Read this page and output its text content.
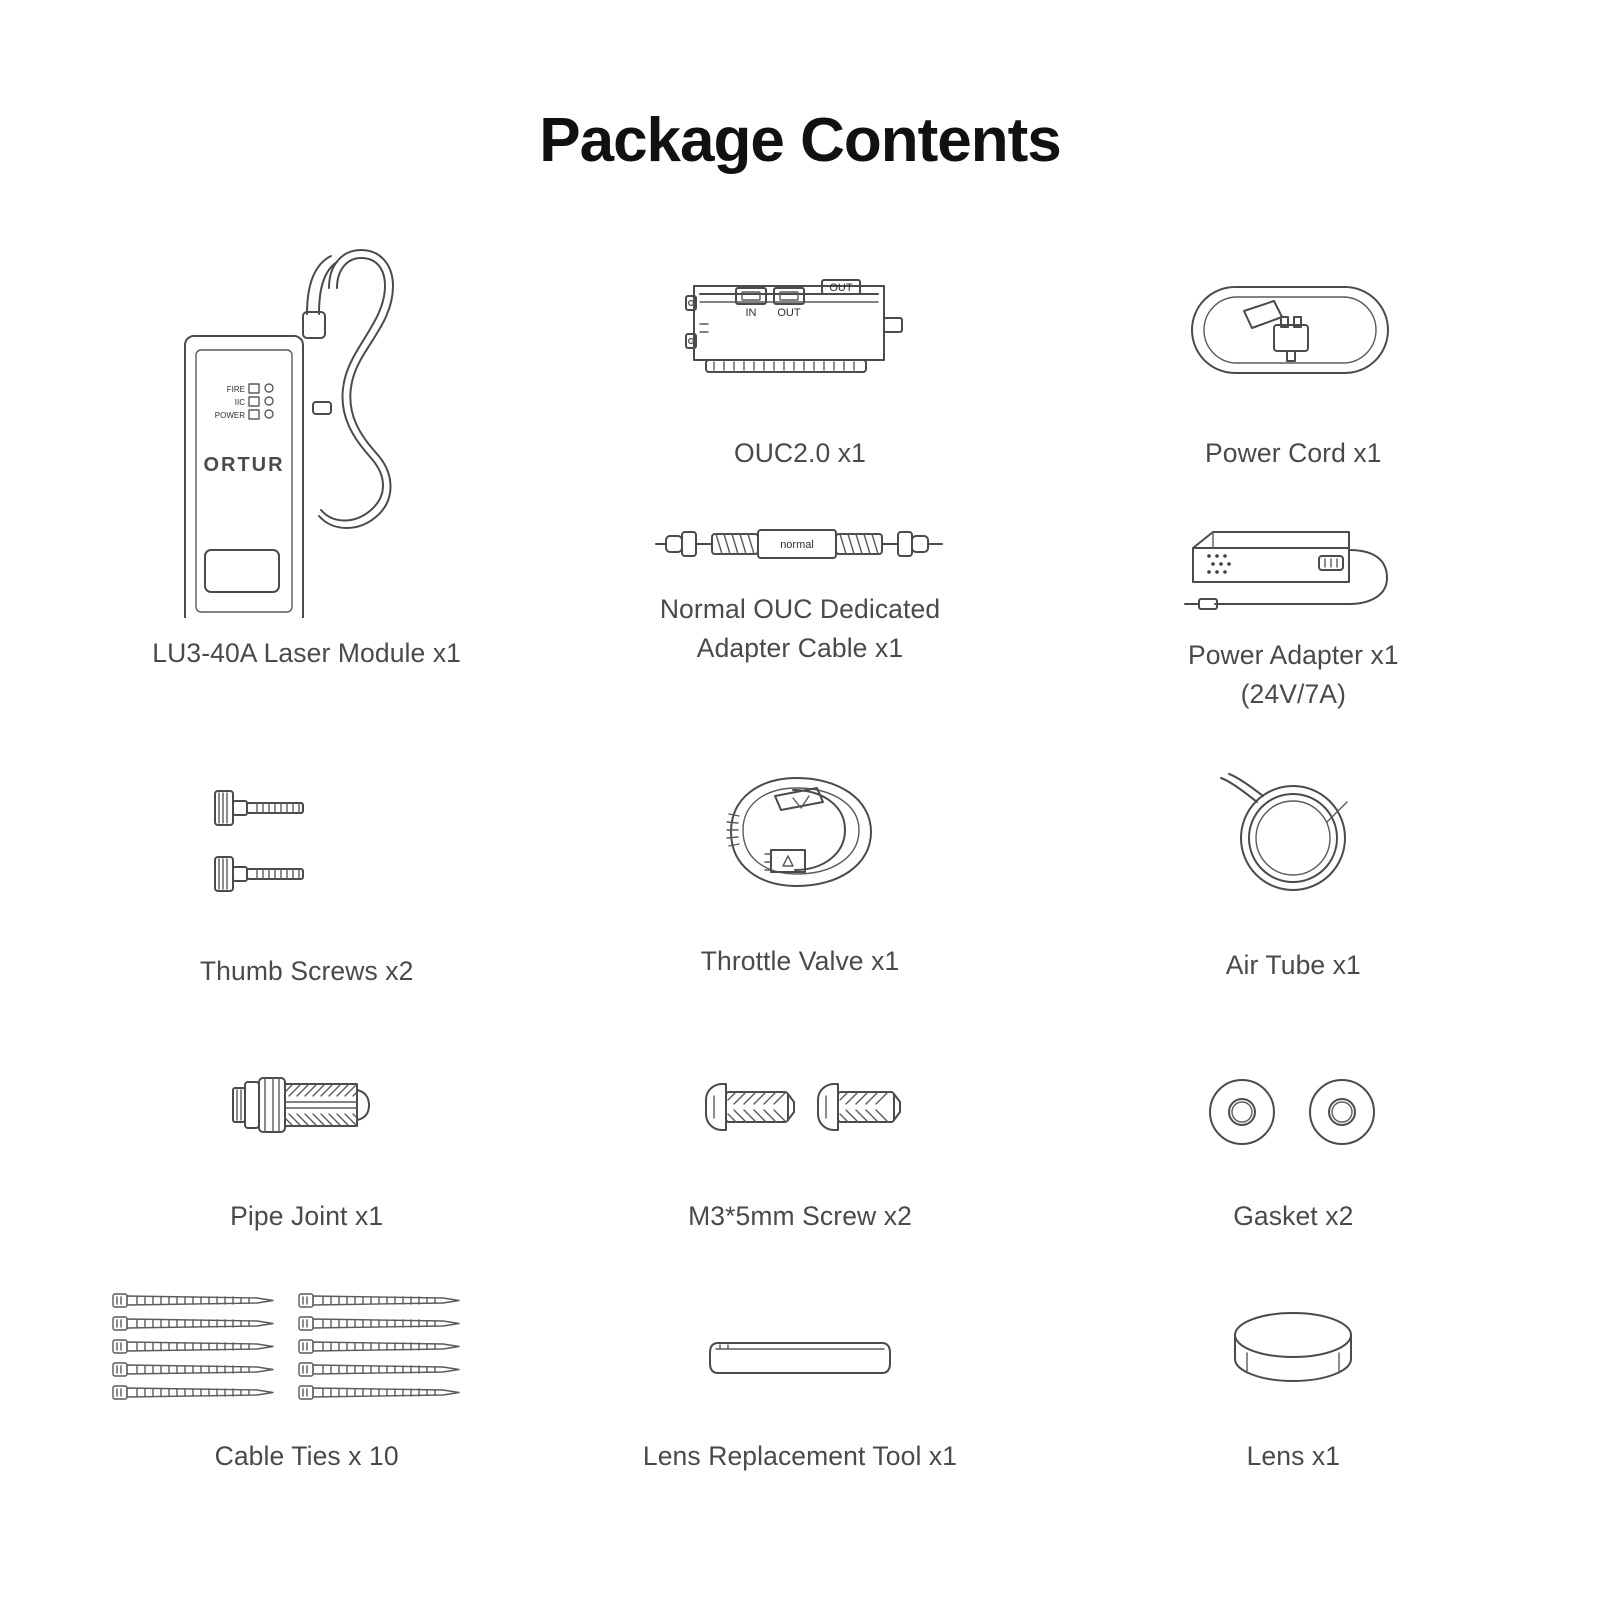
Package Contents
ORTUR
FIRE
IIC
POWER
LU3-40A Laser Module x1
OUT
IN OUT
OUC2.0 x1
normal
Normal OUC Dedicated
Adapter Cable x1
Power Cord x1
Power Adapter x1
(24V/7A)
Thumb Screws x2	Throttle Valve x1	Air Tube x1
Pipe Joint x1	M3*5mm Screw x2	Gasket x2
Cable Ties x 10	Lens Replacement Tool x1	Lens x1
